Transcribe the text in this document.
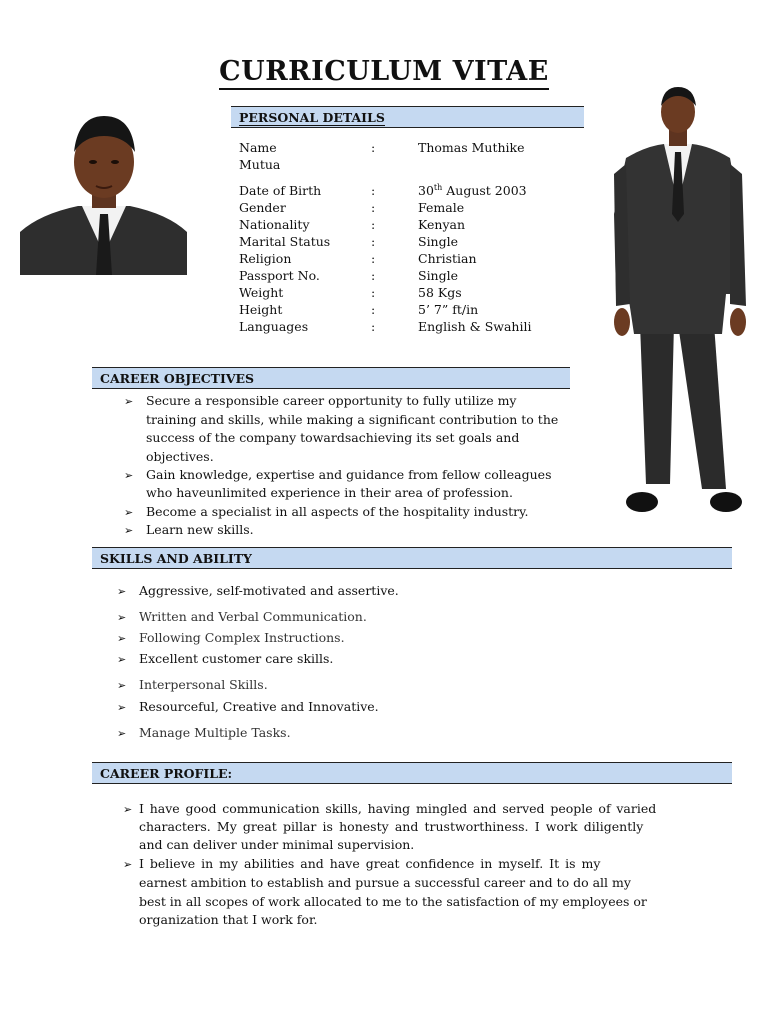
CURRICULUM VITAE
PERSONAL DETAILS
Name	:	Thomas Muthike
Mutua
Date of Birth	:	30th August 2003
Gender	:	Female
Nationality	:	Kenyan
Marital Status	:	Single
Religion	:	Christian
Passport No.	:	Single
Weight	:	58 Kgs
Height	:	5’ 7” ft/in
Languages	:	English & Swahili
CAREER OBJECTIVES
➢ Secure a responsible career opportunity to fully utilize my
training and skills, while making a significant contribution to the
success of the company towardsachieving its set goals and
objectives.
➢ Gain knowledge, expertise and guidance from fellow colleagues
who haveunlimited experience in their area of profession.
➢ Become a specialist in all aspects of the hospitality industry.
➢ Learn new skills.
SKILLS AND ABILITY
➢ Aggressive, self-motivated and assertive.
➢ Written and Verbal Communication.
➢ Following Complex Instructions.
➢ Excellent customer care skills.
➢ Interpersonal Skills.
➢ Resourceful, Creative and Innovative.
➢ Manage Multiple Tasks.
CAREER PROFILE:
➢ I have good communication skills, having mingled and served people of varied
characters. My great pillar is honesty and trustworthiness. I work diligently
and can deliver under minimal supervision.
➢ I believe in my abilities and have great confidence in myself. It is my
earnest ambition to establish and pursue a successful career and to do all my
best in all scopes of work allocated to me to the satisfaction of my employees or
organization that I work for.
